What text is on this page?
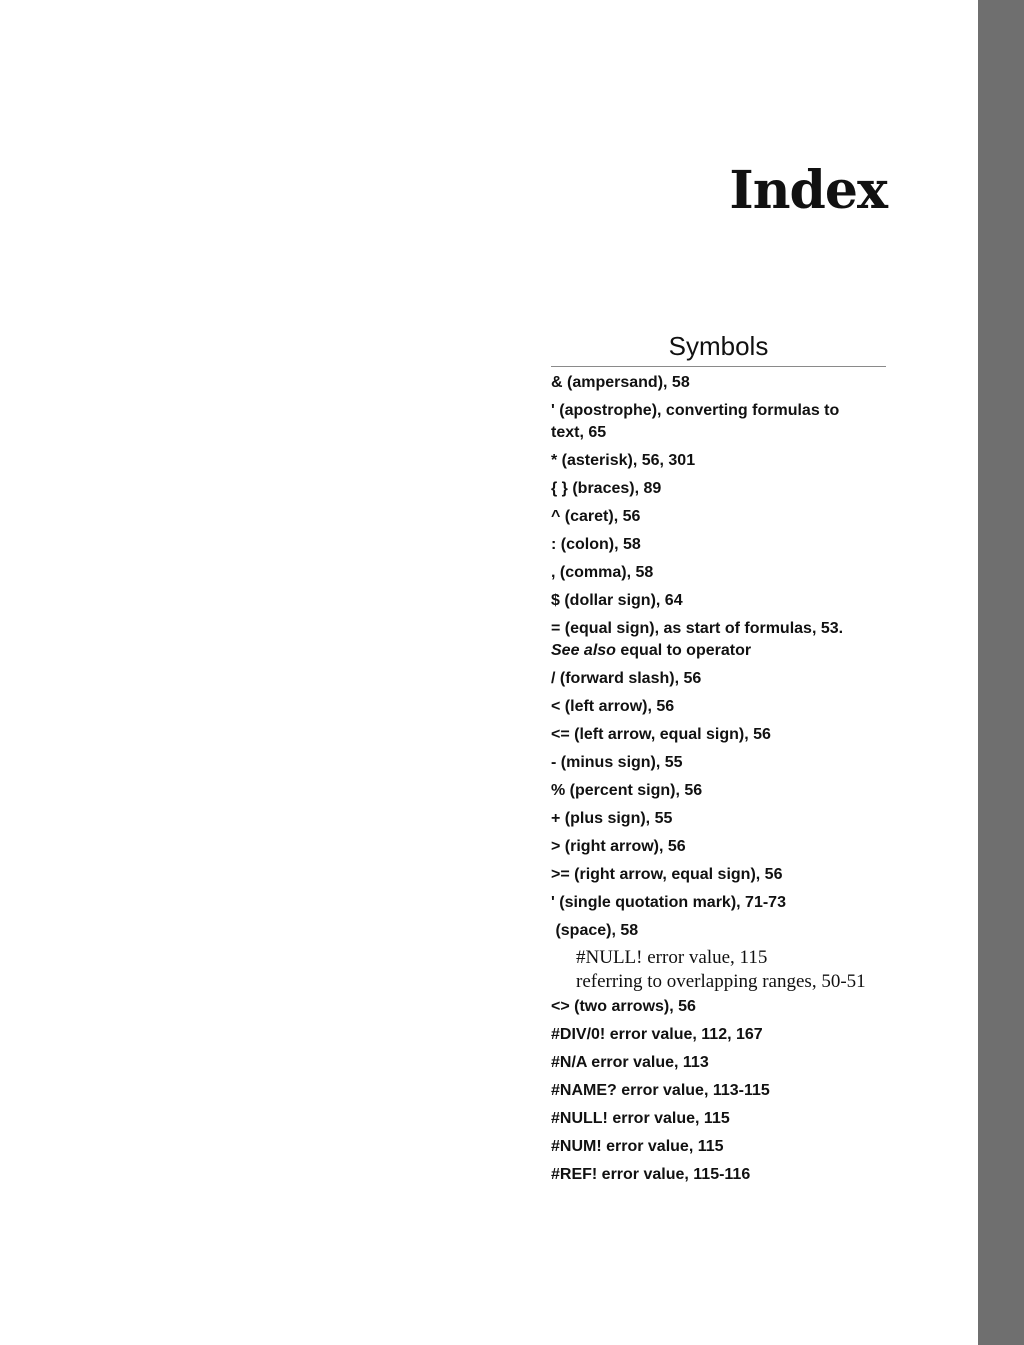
Index
Symbols
& (ampersand), 58
' (apostrophe), converting formulas to
text, 65
* (asterisk), 56, 301
{ } (braces), 89
^ (caret), 56
: (colon), 58
, (comma), 58
$ (dollar sign), 64
= (equal sign), as start of formulas, 53.
See also equal to operator
/ (forward slash), 56
< (left arrow), 56
<= (left arrow, equal sign), 56
- (minus sign), 55
% (percent sign), 56
+ (plus sign), 55
> (right arrow), 56
>= (right arrow, equal sign), 56
' (single quotation mark), 71-73
(space), 58
#NULL! error value, 115
referring to overlapping ranges, 50-51
<> (two arrows), 56
#DIV/0! error value, 112, 167
#N/A error value, 113
#NAME? error value, 113-115
#NULL! error value, 115
#NUM! error value, 115
#REF! error value, 115-116
